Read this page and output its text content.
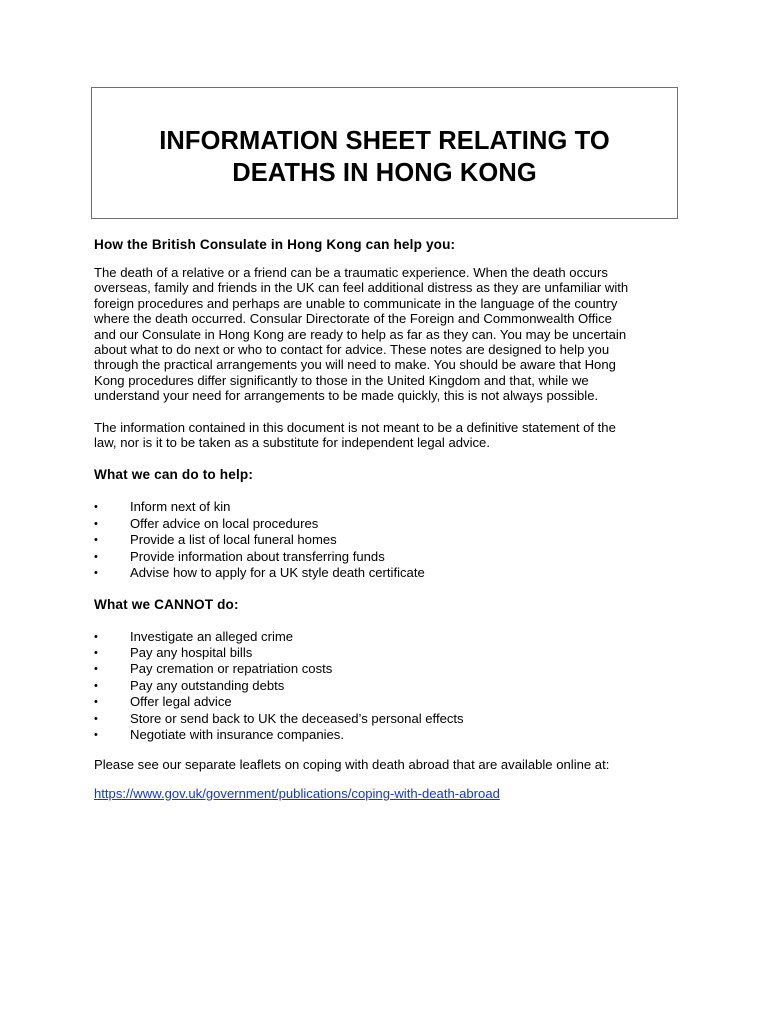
INFORMATION SHEET RELATING TO
DEATHS IN HONG KONG
How the British Consulate in Hong Kong can help you:

The death of a relative or a friend can be a traumatic experience. When the death occurs
overseas, family and friends in the UK can feel additional distress as they are unfamiliar with
foreign procedures and perhaps are unable to communicate in the language of the country
where the death occurred. Consular Directorate of the Foreign and Commonwealth Office
and our Consulate in Hong Kong are ready to help as far as they can. You may be uncertain
about what to do next or who to contact for advice. These notes are designed to help you
through the practical arrangements you will need to make. You should be aware that Hong
Kong procedures differ significantly to those in the United Kingdom and that, while we
understand your need for arrangements to be made quickly, this is not always possible.

The information contained in this document is not meant to be a definitive statement of the
law, nor is it to be taken as a substitute for independent legal advice.

What we can do to help:
•	Inform next of kin
•	Offer advice on local procedures
•	Provide a list of local funeral homes
•	Provide information about transferring funds
•	Advise how to apply for a UK style death certificate
What we CANNOT do:
•	Investigate an alleged crime
•	Pay any hospital bills
•	Pay cremation or repatriation costs
•	Pay any outstanding debts
•	Offer legal advice
•	Store or send back to UK the deceased’s personal effects
•	Negotiate with insurance companies.

Please see our separate leaflets on coping with death abroad that are available online at:

https://www.gov.uk/government/publications/coping-with-death-abroad
